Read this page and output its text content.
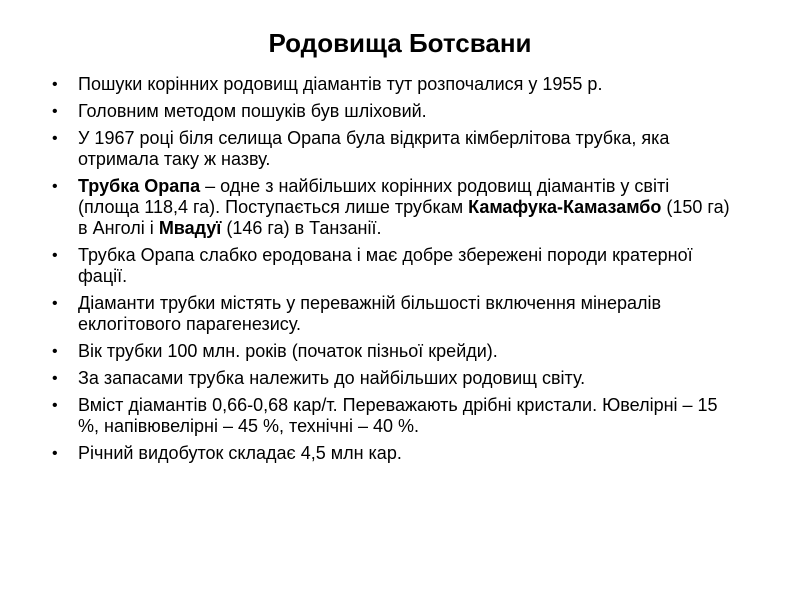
Родовища Ботсвани
• Пошуки корінних родовищ діамантів тут розпочалися у 1955 р.
• Головним методом пошуків був шліховий.
• У 1967 році біля селища Орапа була відкрита кімберлітова трубка, яка отримала таку ж назву.
• Трубка Орапа – одне з найбільших корінних родовищ діамантів у світі (площа 118,4 га). Поступається лише трубкам Камафука-Камазамбо (150 га) в Анголі і Мвадуї (146 га) в Танзанії.
• Трубка Орапа слабко еродована і має добре збережені породи кратерної фації.
• Діаманти трубки містять у переважній більшості включення мінералів еклогітового парагенезису.
• Вік трубки 100 млн. років (початок пізньої крейди).
• За запасами трубка належить до найбільших родовищ світу.
• Вміст діамантів 0,66-0,68 кар/т. Переважають дрібні кристали. Ювелірні – 15 %, напівювелірні – 45 %, технічні – 40 %.
• Річний видобуток складає 4,5 млн кар.
